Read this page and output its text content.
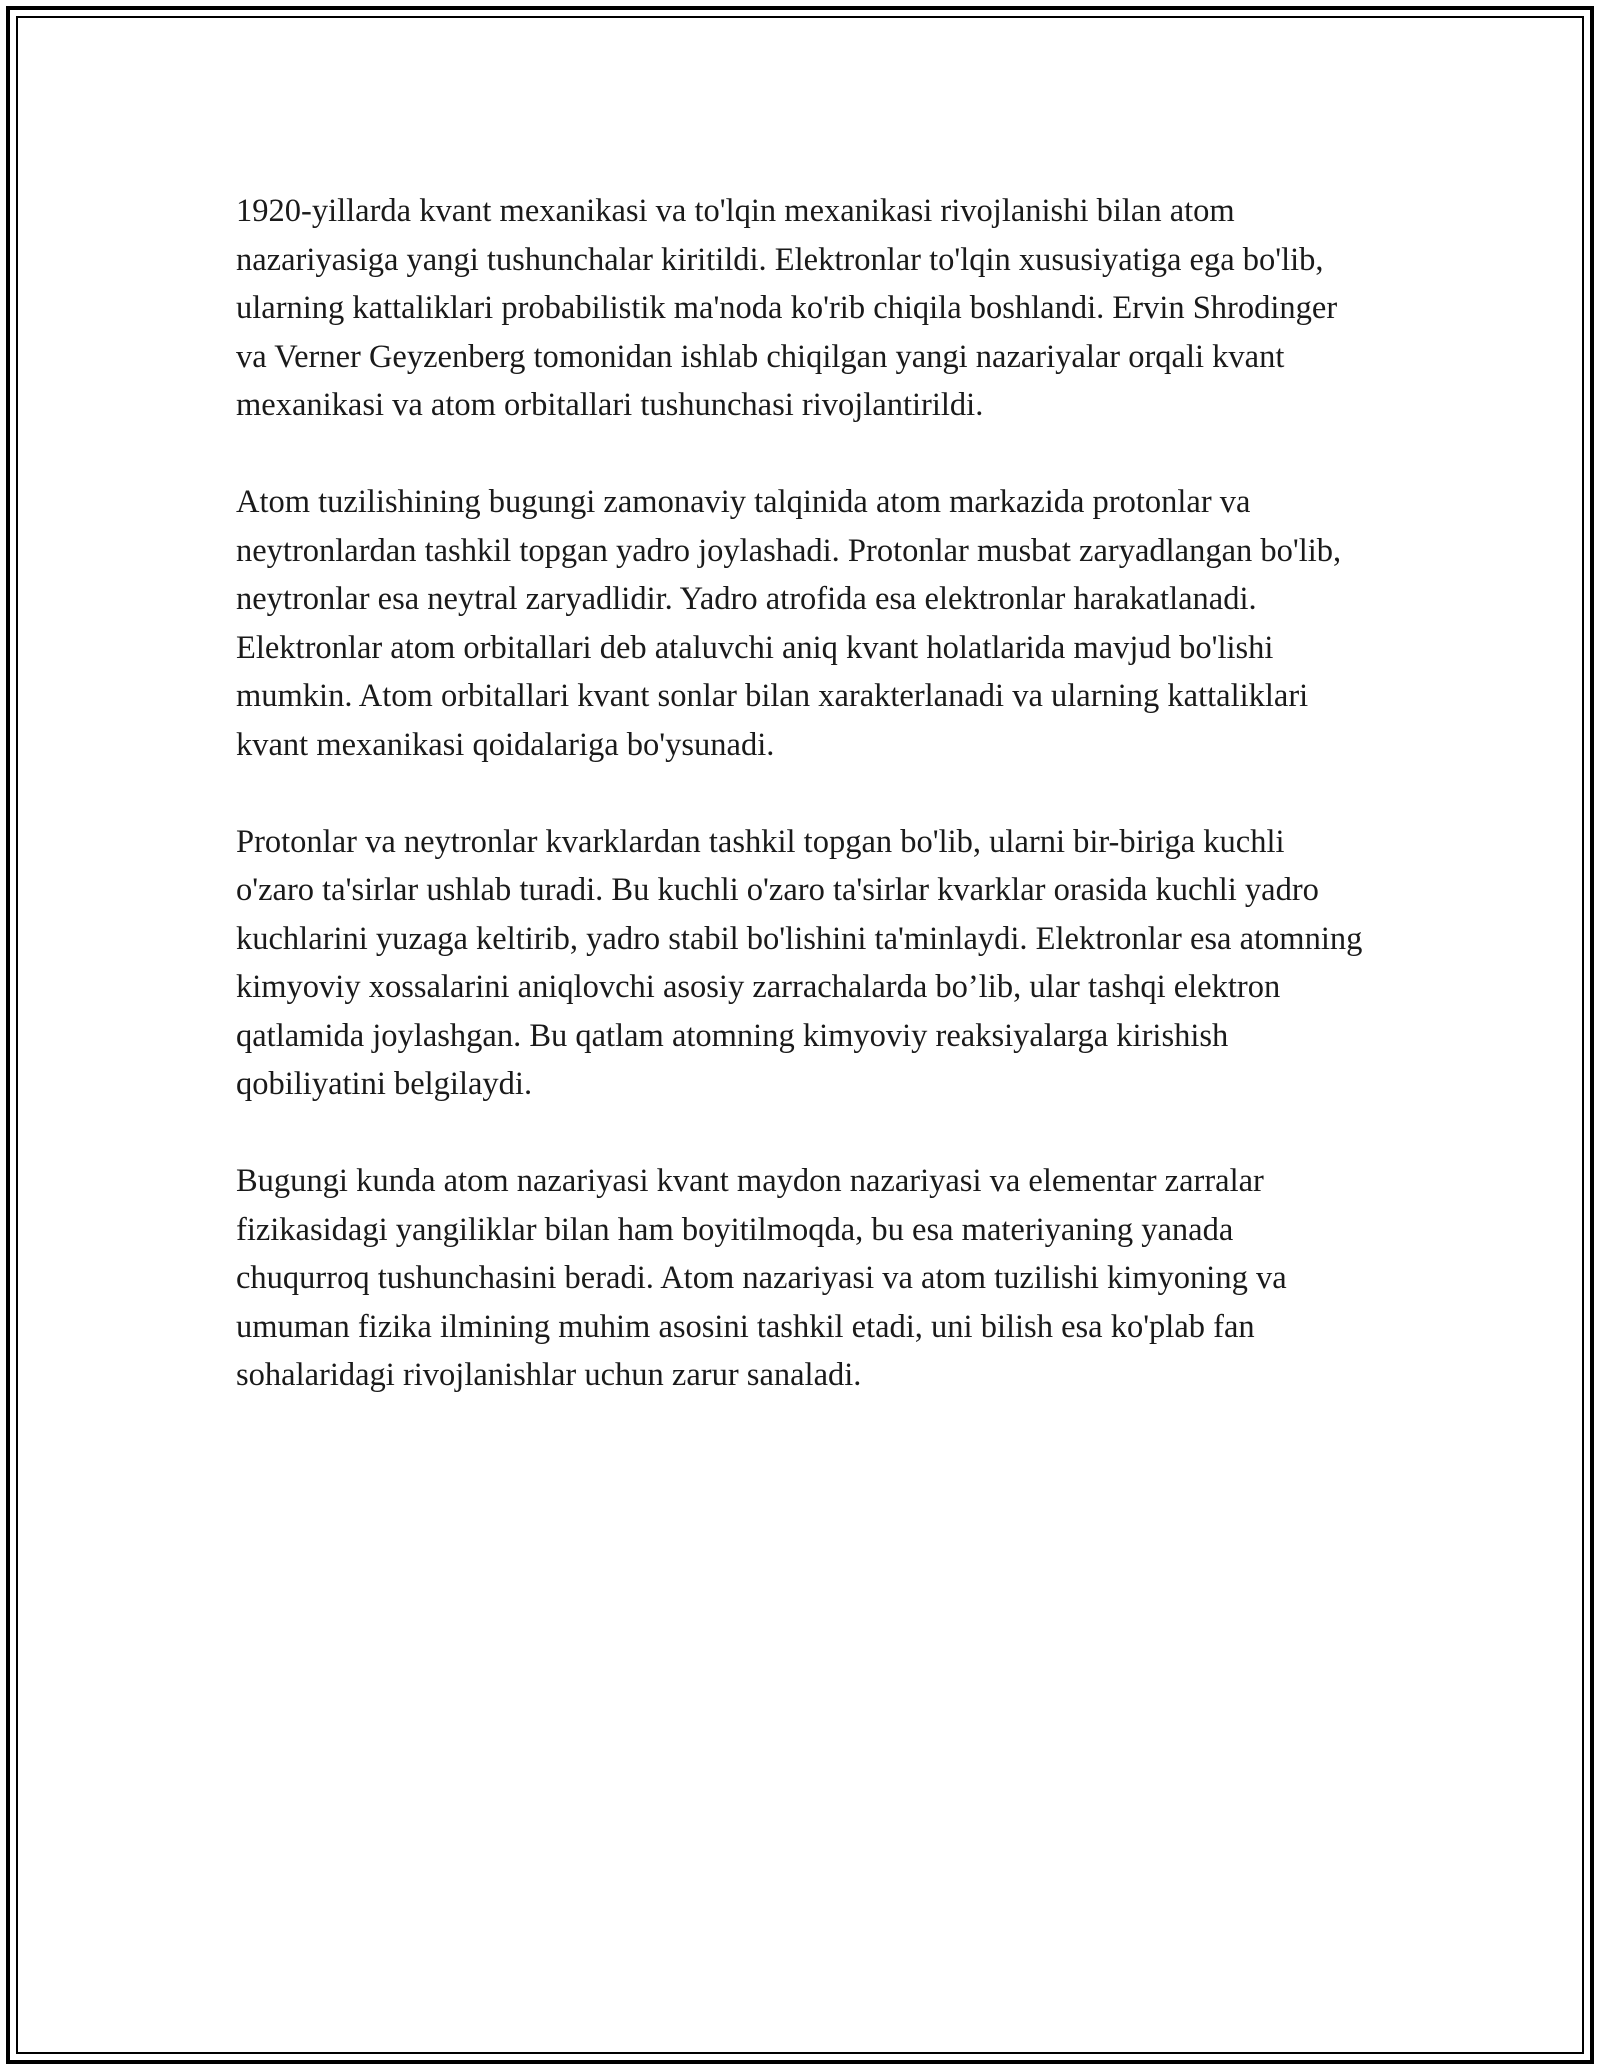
1920-yillarda kvant mexanikasi va to'lqin mexanikasi rivojlanishi bilan atom nazariyasiga yangi tushunchalar kiritildi. Elektronlar to'lqin xususiyatiga ega bo'lib, ularning kattaliklari probabilistik ma'noda ko'rib chiqila boshlandi. Ervin Shrodinger va Verner Geyzenberg tomonidan ishlab chiqilgan yangi nazariyalar orqali kvant mexanikasi va atom orbitallari tushunchasi rivojlantirildi.

Atom tuzilishining bugungi zamonaviy talqinida atom markazida protonlar va neytronlardan tashkil topgan yadro joylashadi. Protonlar musbat zaryadlangan bo'lib, neytronlar esa neytral zaryadlidir. Yadro atrofida esa elektronlar harakatlanadi. Elektronlar atom orbitallari deb ataluvchi aniq kvant holatlarida mavjud bo'lishi mumkin. Atom orbitallari kvant sonlar bilan xarakterlanadi va ularning kattaliklari kvant mexanikasi qoidalariga bo'ysunadi.

Protonlar va neytronlar kvarklardan tashkil topgan bo'lib, ularni bir-biriga kuchli o'zaro ta'sirlar ushlab turadi. Bu kuchli o'zaro ta'sirlar kvarklar orasida kuchli yadro kuchlarini yuzaga keltirib, yadro stabil bo'lishini ta'minlaydi. Elektronlar esa atomning kimyoviy xossalarini aniqlovchi asosiy zarrachalarda bo’lib, ular tashqi elektron qatlamida joylashgan. Bu qatlam atomning kimyoviy reaksiyalarga kirishish qobiliyatini belgilaydi.

Bugungi kunda atom nazariyasi kvant maydon nazariyasi va elementar zarralar fizikasidagi yangiliklar bilan ham boyitilmoqda, bu esa materiyaning yanada chuqurroq tushunchasini beradi. Atom nazariyasi va atom tuzilishi kimyoning va umuman fizika ilmining muhim asosini tashkil etadi, uni bilish esa ko'plab fan sohalaridagi rivojlanishlar uchun zarur sanaladi.
